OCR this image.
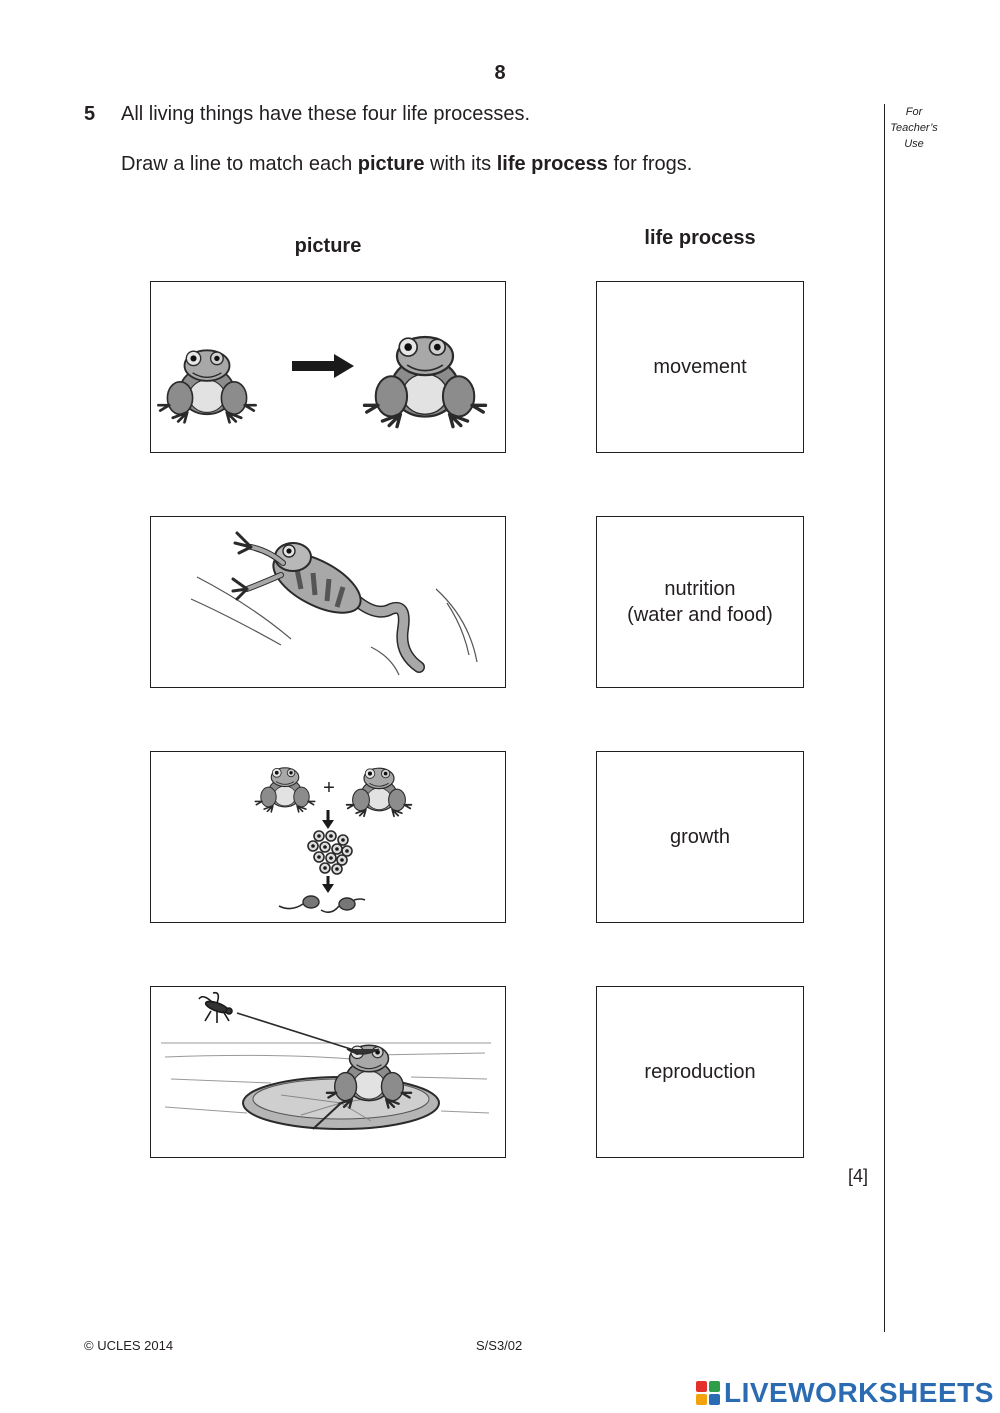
8
5 All living things have these four life processes.
Draw a line to match each picture with its life process for frogs.
For
Teacher’s
Use
picture	life process
+
movement
nutrition
(water and food)
growth
reproduction
[4]
© UCLES 2014	S/S3/02
LIVEWORKSHEETS
